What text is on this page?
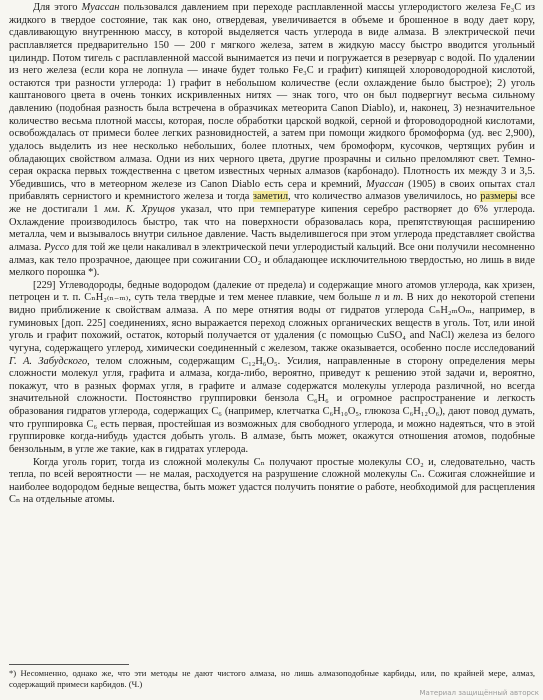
Для этого Муассан пользовался давлением при переходе расплавленной массы углеродистого железа Fe₃C из жидкого в твердое состояние, так как оно, отвердевая, увеличивается в объеме и брошенное в воду дает кору, сдавливающую внутреннюю массу, в которой выделяется часть углерода в виде алмаза. В электрической печи расплавляется предварительно 150 — 200 г мягкого железа, затем в жидкую массу быстро вводится угольный цилиндр. Потом тигель с расплавленной массой вынимается из печи и погружается в резервуар с водой. По удалении из него железа (если кора не лопнула — иначе будет только Fe₃C и графит) кипящей хлороводородной кислотой, остаются три разности углерода: 1) графит в небольшом количестве (если охлаждение было быстрое); 2) уголь каштанового цвета в очень тонких искривленных нитях — знак того, что он был подвергнут весьма сильному давлению (подобная разность была встречена в образчиках метеорита Canon Diablo), и, наконец, 3) незначительное количество весьма плотной массы, которая, после обработки царской водкой, серной и фтороводородной кислотами, освобождалась от примеси более легких разновидностей, а затем при помощи жидкого бромоформа (уд. вес 2,900), удалось выделить из нее несколько небольших, более плотных, чем бромоформ, кусочков, чертящих рубин и обладающих свойством алмаза. Одни из них черного цвета, другие прозрачны и сильно преломляют свет. Темно-серая окраска первых тождественна с цветом известных черных алмазов (карбонадо). Плотность их между 3 и 3,5. Убедившись, что в метеорном железе из Canon Diablo есть сера и кремний, Муассан (1905) в своих опытах стал прибавлять сернистого и кремнистого железа и тогда заметил, что количество алмазов увеличилось, но размеры все же не достигали 1 мм. К. Хрущов указал, что при температуре кипения серебро растворяет до 6% углерода. Охлаждение производилось быстро, так что на поверхности образовалась кора, препятствующая расширению металла, чем и вызывалось внутри сильное давление. Часть выделившегося при этом углерода представляет свойства алмаза. Руссо для той же цели накаливал в электрической печи углеродистый кальций. Все они получили несомненно алмаз, как тело прозрачное, дающее при сожигании CO₂ и обладающее исключительною твердостью, но лишь в виде мелкого порошка *).

[229] Углеводороды, бедные водородом (далекие от предела) и содержащие много атомов углерода, как хризен, петроцен и т. п. CₙH₂₍ₙ₋ₘ₎, суть тела твердые и тем менее плавкие, чем больше n и m. В них до некоторой степени видно приближение к свойствам алмаза. А по мере отнятия воды от гидратов углерода CₙH₂ₘOₘ, например, в гуминовых [доп. 225] соединениях, ясно выражается переход сложных органических веществ в уголь. Тот, или иной уголь и графит похожий, остаток, который получается от удаления (с помощью CuSO₄ and NaCl) железа из белого чугуна, содержащего углерод, химически соединенный с железом, также оказывается, особенно после исследований Г. А. Забудского, телом сложным, содержащим C₁₂H₆O₅. Усилия, направленные в сторону определения меры сложности молекул угля, графита и алмаза, когда-либо, вероятно, приведут к решению этой задачи и, вероятно, покажут, что в разных формах угля, в графите и алмазе содержатся молекулы углерода различной, но всегда значительной сложности. Постоянство группировки бензола C₆H₆ и огромное распространение и легкость образования гидратов углерода, содержащих C₆ (например, клетчатка C₆H₁₀O₅, глюкоза C₆H₁₂O₆), дают повод думать, что группировка C₆ есть первая, простейшая из возможных для свободного углерода, и можно надеяться, что в этой группировке когда-нибудь удастся добыть уголь. В алмазе, быть может, окажутся отношения атомов, подобные бензольным, в угле же такие, как в гидратах углерода.

Когда уголь горит, тогда из сложной молекулы Cₙ получают простые молекулы CO₂ и, следовательно, часть тепла, по всей вероятности — не малая, расходуется на разрушение сложной молекулы Cₙ. Сожигая сложнейшие и наиболее водородом бедные вещества, быть может удастся получить понятие о работе, необходимой для расцепления Cₙ на отдельные атомы.

*) Несомненно, однако же, что эти методы не дают чистого алмаза, но лишь алмазоподобные карбиды, или, по крайней мере, алмаз, содержащий примеси карбидов. (Ч.)
Материал защищённый авторск
